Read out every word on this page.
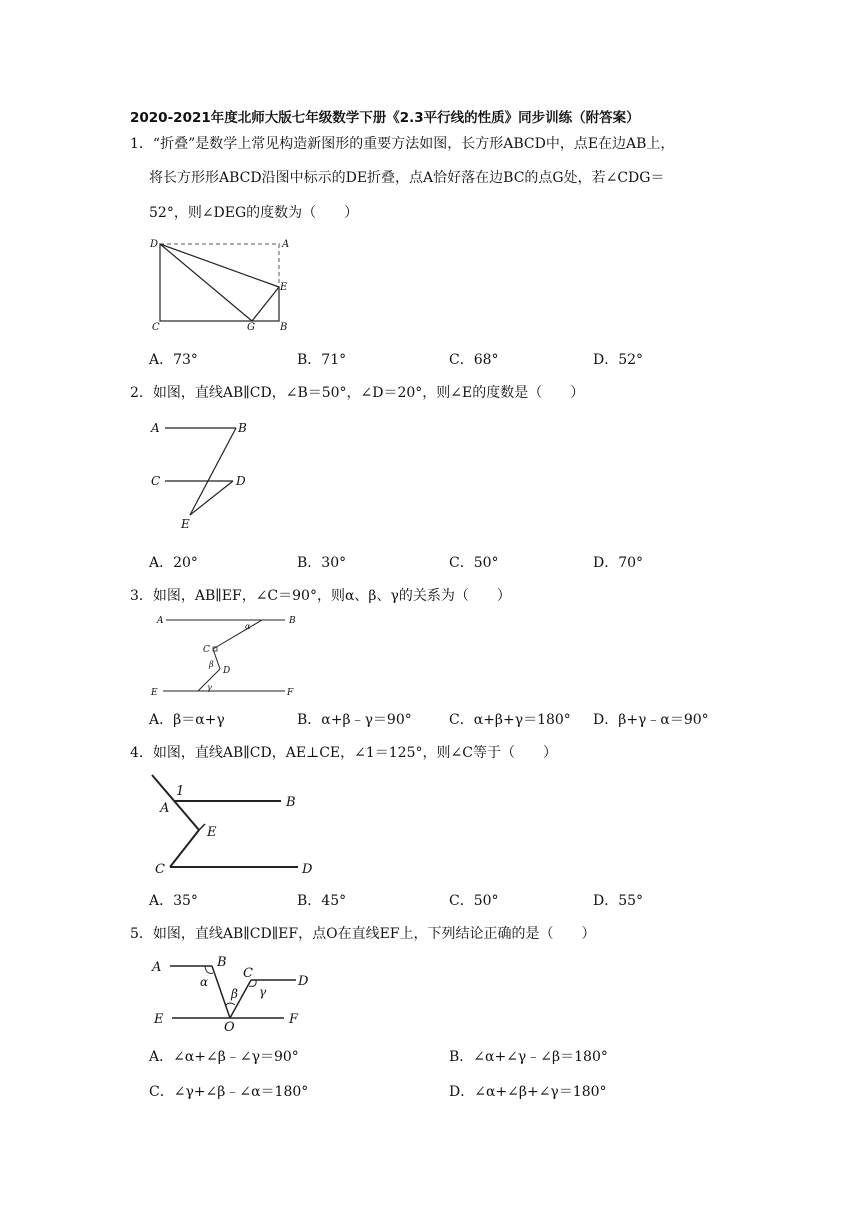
2020-2021年度北师大版七年级数学下册《2.3平行线的性质》同步训练（附答案）
1．“折叠”是数学上常见构造新图形的重要方法如图，长方形ABCD中，点E在边AB上，
将长方形形ABCD沿图中标示的DE折叠，点A恰好落在边BC的点G处，若∠CDG＝
52°，则∠DEG的度数为（　　）
D	A
E
C	G	B
A．73°	B．71°	C．68°	D．52°
2．如图，直线AB∥CD，∠B＝50°，∠D＝20°，则∠E的度数是（　　）
A	B
C	D
E
A．20°	B．30°	C．50°	D．70°
3．如图，AB∥EF，∠C＝90°，则α、β、γ的关系为（　　）
A	B
α
C
β
D
γ
E	F
A．β＝α+γ	B．α+β﹣γ＝90°	C．α+β+γ＝180° D．β+γ﹣α＝90°
4．如图，直线AB∥CD，AE⊥CE，∠1＝125°，则∠C等于（　　）
1
A	B
E
C	D
A．35°	B．45°	C．50°	D．55°
5．如图，直线AB∥CD∥EF，点O在直线EF上，下列结论正确的是（　　）
A	B
α
C
β γ
D
E
O
F
A．∠α+∠β﹣∠γ＝90°	B．∠α+∠γ﹣∠β＝180°
C．∠γ+∠β﹣∠α＝180°	D．∠α+∠β+∠γ＝180°
